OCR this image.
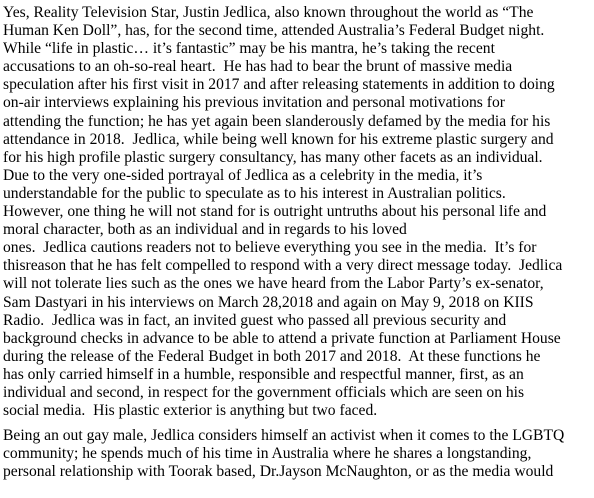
Yes, Reality Television Star, Justin Jedlica, also known throughout the world as “The
Human Ken Doll”, has, for the second time, attended Australia’s Federal Budget night.
While “life in plastic… it’s fantastic” may be his mantra, he’s taking the recent
accusations to an oh-so-real heart.  He has had to bear the brunt of massive media
speculation after his first visit in 2017 and after releasing statements in addition to doing
on-air interviews explaining his previous invitation and personal motivations for
attending the function; he has yet again been slanderously defamed by the media for his
attendance in 2018.  Jedlica, while being well known for his extreme plastic surgery and
for his high profile plastic surgery consultancy, has many other facets as an individual.
Due to the very one-sided portrayal of Jedlica as a celebrity in the media, it’s
understandable for the public to speculate as to his interest in Australian politics.
However, one thing he will not stand for is outright untruths about his personal life and
moral character, both as an individual and in regards to his loved
ones.  Jedlica cautions readers not to believe everything you see in the media.  It’s for
thisreason that he has felt compelled to respond with a very direct message today.  Jedlica
will not tolerate lies such as the ones we have heard from the Labor Party’s ex-senator,
Sam Dastyari in his interviews on March 28,2018 and again on May 9, 2018 on KIIS
Radio.  Jedlica was in fact, an invited guest who passed all previous security and
background checks in advance to be able to attend a private function at Parliament House
during the release of the Federal Budget in both 2017 and 2018.  At these functions he
has only carried himself in a humble, responsible and respectful manner, first, as an
individual and second, in respect for the government officials which are seen on his
social media.  His plastic exterior is anything but two faced.
Being an out gay male, Jedlica considers himself an activist when it comes to the LGBTQ
community; he spends much of his time in Australia where he shares a longstanding,
personal relationship with Toorak based, Dr.Jayson McNaughton, or as the media would
